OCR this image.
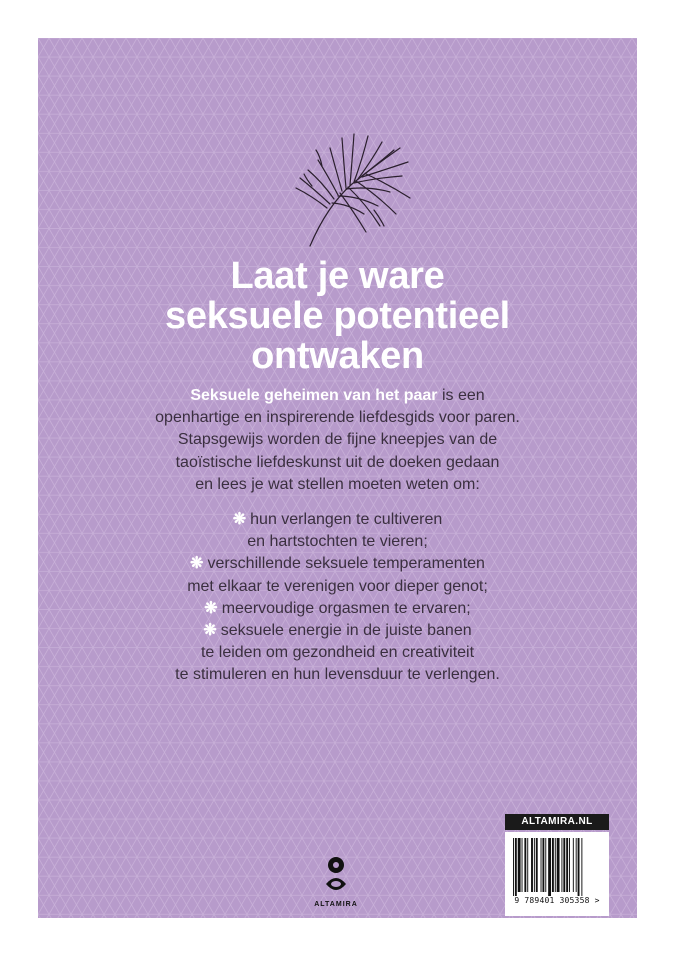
Laat je ware
seksuele potentieel
ontwaken
Seksuele geheimen van het paar is een
openhartige en inspirerende liefdesgids voor paren.
Stapsgewijs worden de fijne kneepjes van de
taoïstische liefdeskunst uit de doeken gedaan
en lees je wat stellen moeten weten om:
❋ hun verlangen te cultiveren
en hartstochten te vieren;
❋ verschillende seksuele temperamenten
met elkaar te verenigen voor dieper genot;
❋ meervoudige orgasmen te ervaren;
❋ seksuele energie in de juiste banen
te leiden om gezondheid en creativiteit
te stimuleren en hun levensduur te verlengen.
ALTAMIRA
ALTAMIRA.NL
9 789401 305358 >
